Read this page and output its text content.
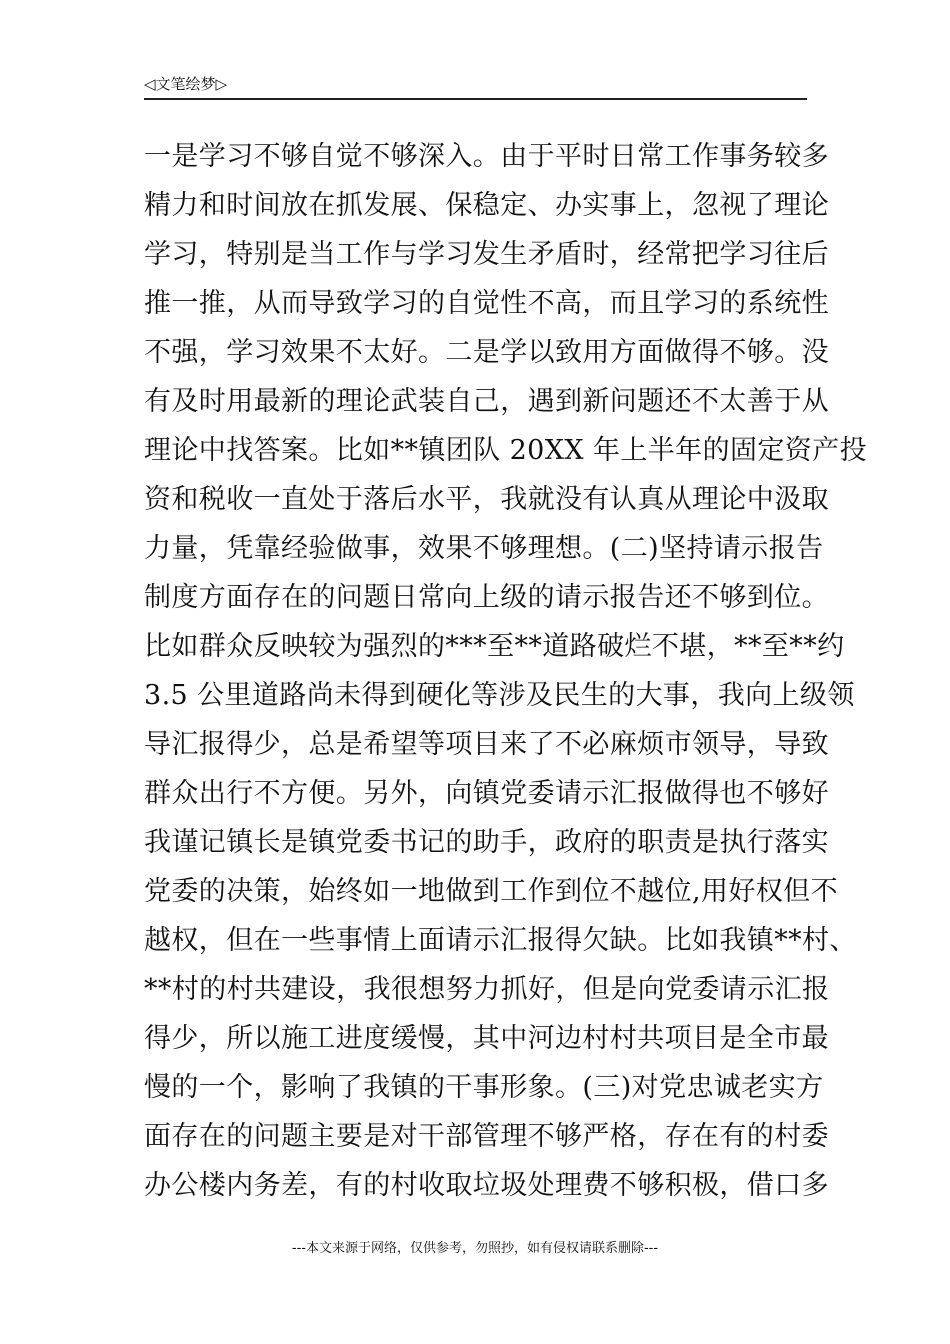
◁文笔绘梦▷
一是学习不够自觉不够深入。由于平时日常工作事务较多
精力和时间放在抓发展、保稳定、办实事上，忽视了理论
学习，特别是当工作与学习发生矛盾时，经常把学习往后
推一推，从而导致学习的自觉性不高，而且学习的系统性
不强，学习效果不太好。二是学以致用方面做得不够。没
有及时用最新的理论武装自己，遇到新问题还不太善于从
理论中找答案。比如**镇团队 20XX 年上半年的固定资产投
资和税收一直处于落后水平，我就没有认真从理论中汲取
力量，凭靠经验做事，效果不够理想。(二)坚持请示报告
制度方面存在的问题日常向上级的请示报告还不够到位。
比如群众反映较为强烈的***至**道路破烂不堪，**至**约
3.5 公里道路尚未得到硬化等涉及民生的大事，我向上级领
导汇报得少，总是希望等项目来了不必麻烦市领导，导致
群众出行不方便。另外，向镇党委请示汇报做得也不够好
我谨记镇长是镇党委书记的助手，政府的职责是执行落实
党委的决策，始终如一地做到工作到位不越位,用好权但不
越权，但在一些事情上面请示汇报得欠缺。比如我镇**村、
**村的村共建设，我很想努力抓好，但是向党委请示汇报
得少，所以施工进度缓慢，其中河边村村共项目是全市最
慢的一个，影响了我镇的干事形象。(三)对党忠诚老实方
面存在的问题主要是对干部管理不够严格，存在有的村委
办公楼内务差，有的村收取垃圾处理费不够积极，借口多
---本文来源于网络，仅供参考，勿照抄，如有侵权请联系删除---
